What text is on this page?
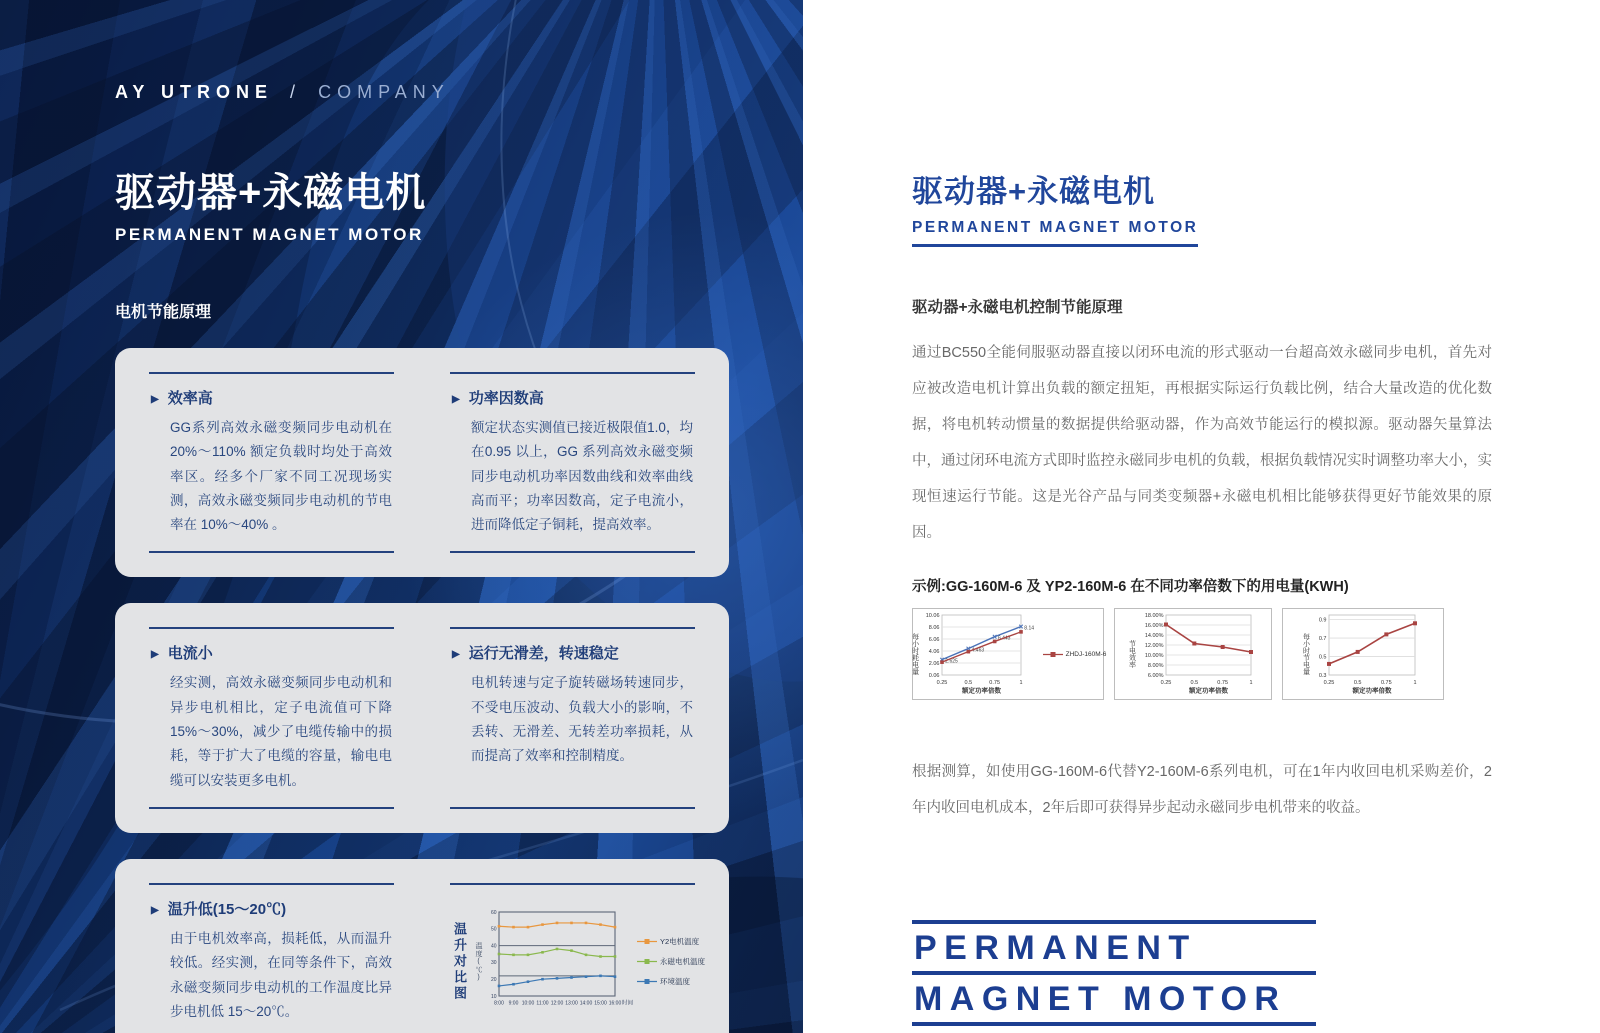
AY UTRONE / COMPANY
驱动器+永磁电机
PERMANENT MAGNET MOTOR
电机节能原理
▶ 效率高
GG系列高效永磁变频同步电动机在20%～110% 额定负载时均处于高效率区。经多个厂家不同工况现场实测，高效永磁变频同步电动机的节电率在 10%～40% 。
▶ 功率因数高
额定状态实测值已接近极限值1.0，均在0.95 以上，GG 系列高效永磁变频同步电动机功率因数曲线和效率曲线高而平；功率因数高，定子电流小，进而降低定子铜耗，提高效率。
▶ 电流小
经实测，高效永磁变频同步电动机和异步电机相比，定子电流值可下降 15%～30%，减少了电缆传输中的损耗，等于扩大了电缆的容量，输电电缆可以安装更多电机。
▶ 运行无滑差，转速稳定
电机转速与定子旋转磁场转速同步，不受电压波动、负载大小的影响，不丢转、无滑差、无转差功率损耗，从而提高了效率和控制精度。
▶ 温升低(15～20℃)
由于电机效率高，损耗低，从而温升较低。经实测，在同等条件下，高效永磁变频同步电动机的工作温度比异步电机低 15～20℃。
温升对比图 温度(℃)
10
20
30
40
50
60
8:00 9:00 10:00 11:00 12:00 13:00 14:00 15:00 16:00 时间
Y2电机温度
永磁电机温度
环境温度
驱动器+永磁电机
PERMANENT MAGNET MOTOR
驱动器+永磁电机控制节能原理
通过BC550全能伺服驱动器直接以闭环电流的形式驱动一台超高效永磁同步电机，首先对应被改造电机计算出负载的额定扭矩，再根据实际运行负载比例，结合大量改造的优化数据，将电机转动惯量的数据提供给驱动器，作为高效节能运行的模拟源。驱动器矢量算法中，通过闭环电流方式即时监控永磁同步电机的负载，根据负载情况实时调整功率大小，实现恒速运行节能。这是光谷产品与同类变频器+永磁电机相比能够获得更好节能效果的原因。
示例:GG-160M-6 及 YP2-160M-6 在不同功率倍数下的用电量(KWH)
每小时耗电量
0.06
2.06
4.06
6.06
8.06
10.06
0.25	0.5	0.75	1
额定功率倍数
2.625
4.463
6.443
8.14
ZHDJ-160M-6	节电效率
6.00%
8.00%
10.00%
12.00%
14.00%
16.00%
18.00%
0.25	0.5	0.75	1
额定功率倍数
每小时节电量
0.3
0.5
0.7
0.9
0.25	0.5	0.75	1
额定功率倍数
根据测算，如使用GG-160M-6代替Y2-160M-6系列电机，可在1年内收回电机采购差价，2年内收回电机成本，2年后即可获得异步起动永磁同步电机带来的收益。
PERMANENT
MAGNET MOTOR
